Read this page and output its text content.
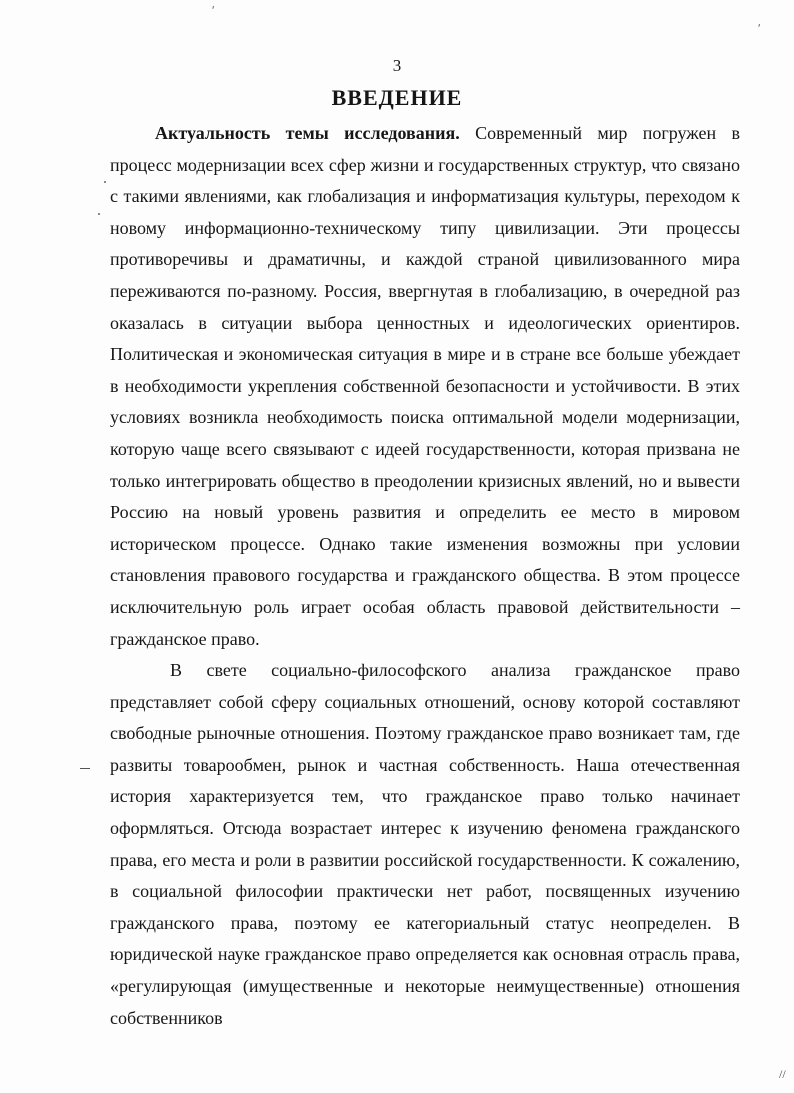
ʹ
ʹ
//
3
ВВЕДЕНИЕ

Актуальность темы исследования. Современный мир погружен в процесс модернизации всех сфер жизни и государственных структур, что связано с такими явлениями, как глобализация и информатизация культуры, переходом к новому информационно-техническому типу цивилизации. Эти процессы противоречивы и драматичны, и каждой страной цивилизованного мира переживаются по-разному. Россия, ввергнутая в глобализацию, в очередной раз оказалась в ситуации выбора ценностных и идеологических ориентиров. Политическая и экономическая ситуация в мире и в стране все больше убеждает в необходимости укрепления собственной безопасности и устойчивости. В этих условиях возникла необходимость поиска оптимальной модели модернизации, которую чаще всего связывают с идеей государственности, которая призвана не только интегрировать общество в преодолении кризисных явлений, но и вывести Россию на новый уровень развития и определить ее место в мировом историческом процессе. Однако такие изменения возможны при условии становления правового государства и гражданского общества. В этом процессе исключительную роль играет особая область правовой действительности – гражданское право.

В свете социально-философского анализа гражданское право представляет собой сферу социальных отношений, основу которой составляют свободные рыночные отношения. Поэтому гражданское право возникает там, где развиты товарообмен, рынок и частная собственность. Наша отечественная история характеризуется тем, что гражданское право только начинает оформляться. Отсюда возрастает интерес к изучению феномена гражданского права, его места и роли в развитии российской государственности. К сожалению, в социальной философии практически нет работ, посвященных изучению гражданского права, поэтому ее категориальный статус неопределен. В юридической науке гражданское право определяется как основная отрасль права, «регулирующая (имущественные и некоторые неимущественные) отношения собственников
